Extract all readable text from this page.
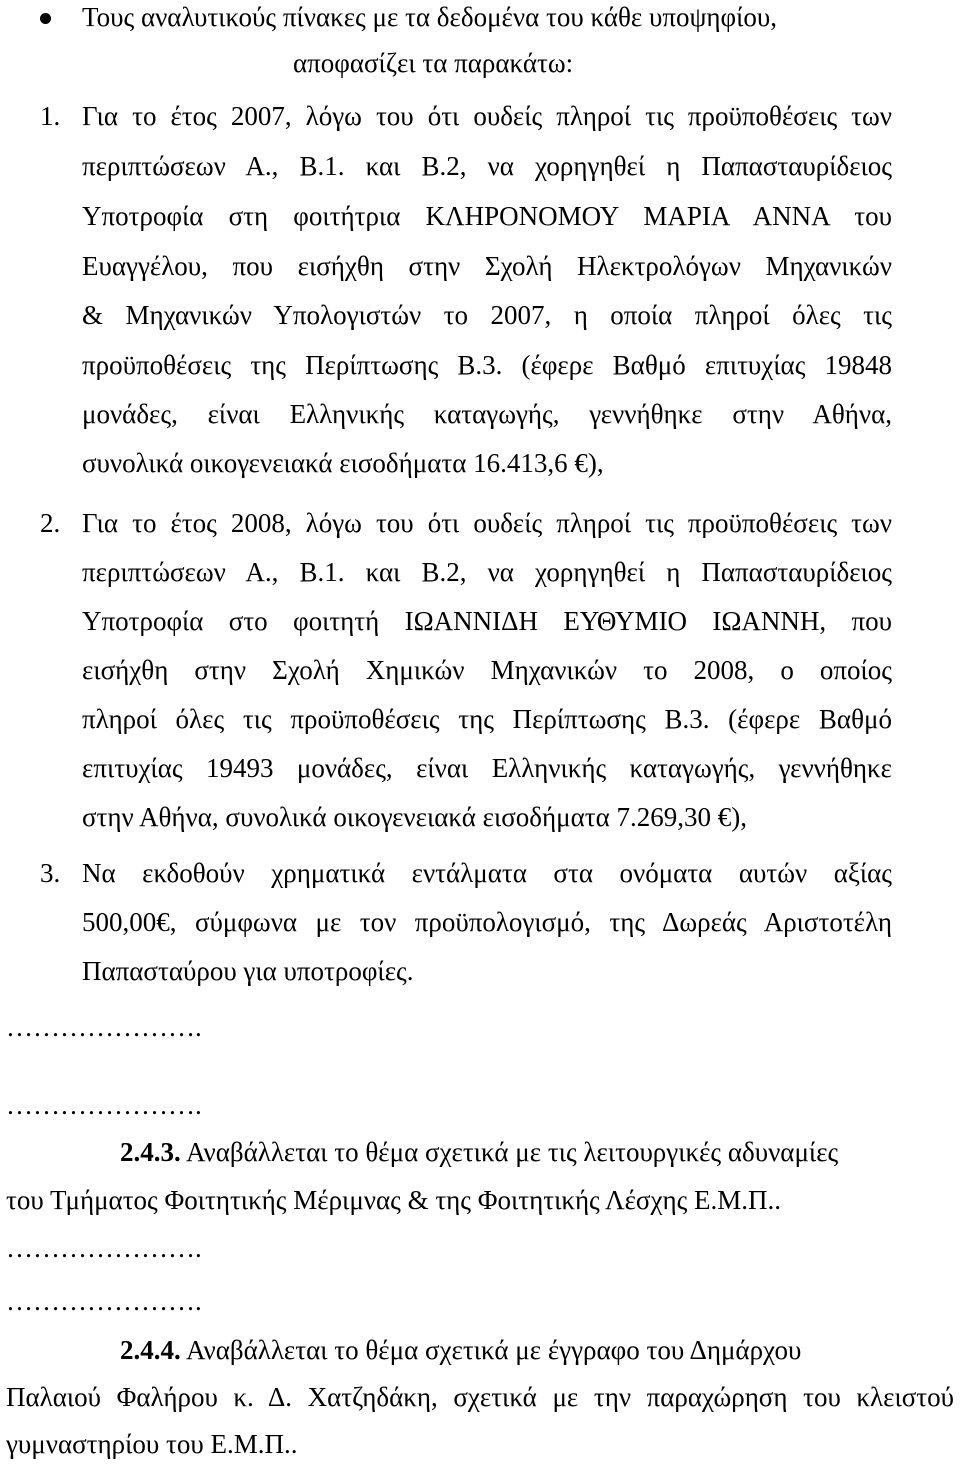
Τους αναλυτικούς πίνακες με τα δεδομένα του κάθε υποψηφίου,
αποφασίζει τα παρακάτω:
1. Για το έτος 2007, λόγω του ότι ουδείς πληροί τις προϋποθέσεις των
περιπτώσεων Α., Β.1. και Β.2, να χορηγηθεί η Παπασταυρίδειος
Υποτροφία στη φοιτήτρια ΚΛΗΡΟΝΟΜΟΥ ΜΑΡΙΑ ΑΝΝΑ του
Ευαγγέλου, που εισήχθη στην Σχολή Ηλεκτρολόγων Μηχανικών
& Μηχανικών Υπολογιστών το 2007, η οποία πληροί όλες τις
προϋποθέσεις της Περίπτωσης Β.3. (έφερε Βαθμό επιτυχίας 19848
μονάδες, είναι Ελληνικής καταγωγής, γεννήθηκε στην Αθήνα,
συνολικά οικογενειακά εισοδήματα 16.413,6 €),
2. Για το έτος 2008, λόγω του ότι ουδείς πληροί τις προϋποθέσεις των
περιπτώσεων Α., Β.1. και Β.2, να χορηγηθεί η Παπασταυρίδειος
Υποτροφία στο φοιτητή ΙΩΑΝΝΙΔΗ ΕΥΘΥΜΙΟ ΙΩΑΝΝΗ, που
εισήχθη στην Σχολή Χημικών Μηχανικών το 2008, ο οποίος
πληροί όλες τις προϋποθέσεις της Περίπτωσης Β.3. (έφερε Βαθμό
επιτυχίας 19493 μονάδες, είναι Ελληνικής καταγωγής, γεννήθηκε
στην Αθήνα, συνολικά οικογενειακά εισοδήματα 7.269,30 €),
3. Να εκδοθούν χρηματικά εντάλματα στα ονόματα αυτών αξίας
500,00€, σύμφωνα με τον προϋπολογισμό, της Δωρεάς Αριστοτέλη
Παπασταύρου για υποτροφίες.
………………….
………………….
2.4.3. Αναβάλλεται το θέμα σχετικά με τις λειτουργικές αδυναμίες
του Τμήματος Φοιτητικής Μέριμνας & της Φοιτητικής Λέσχης Ε.Μ.Π..
………………….
………………….
2.4.4. Αναβάλλεται το θέμα σχετικά με έγγραφο του Δημάρχου
Παλαιού Φαλήρου κ. Δ. Χατζηδάκη, σχετικά με την παραχώρηση του κλειστού
γυμναστηρίου του Ε.Μ.Π..
